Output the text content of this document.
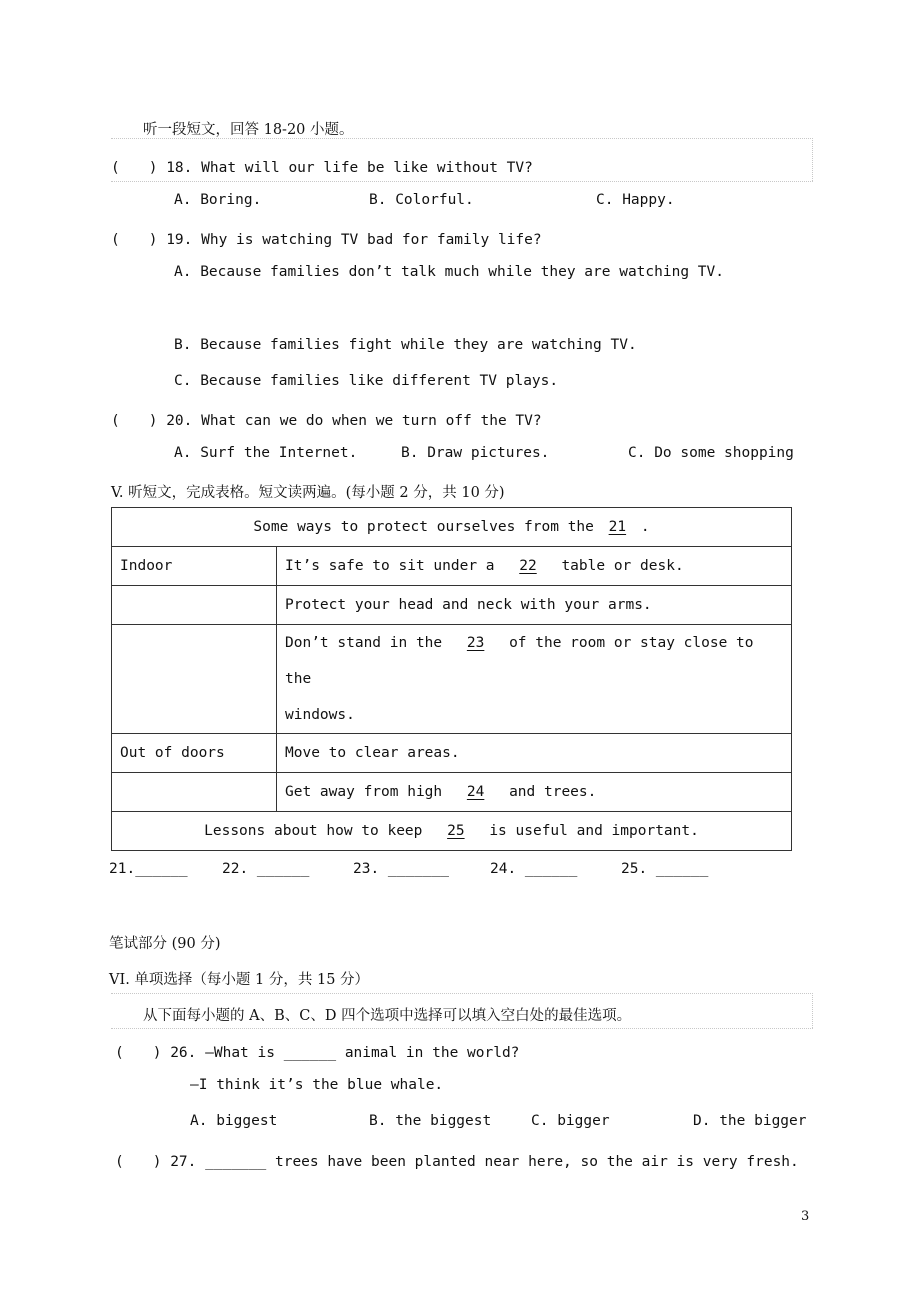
听一段短文，回答 18-20 小题。
(　　) 18. What will our life be like without TV?
A. Boring.	B. Colorful.	C. Happy.
(　　) 19. Why is watching TV bad for family life?
A. Because families don’t talk much while they are watching TV.
B. Because families fight while they are watching TV.
C. Because families like different TV plays.
(　　) 20. What can we do when we turn off the TV?
A. Surf the Internet.	B. Draw pictures.	C. Do some shopping
V. 听短文，完成表格。短文读两遍。(每小题 2 分，共 10 分)
Some ways to protect ourselves from the 21 .	
Indoor	It’s safe to sit under a 22 table or desk.
	Protect your head and neck with your arms.
	Don’t stand in the 23 of the room or stay close to the
windows.
Out of doors	Move to clear areas.
	Get away from high 24 and trees.
Lessons about how to keep 25 is useful and important.	
21.______ 22. ______	23. _______	24. ______	25. ______
笔试部分 (90 分)
VI. 单项选择（每小题 1 分，共 15 分）
从下面每小题的 A、B、C、D 四个选项中选择可以填入空白处的最佳选项。
(　　) 26. —What is ______ animal in the world?
—I think it’s the blue whale.
A. biggest	B. the biggest	C. bigger	D. the bigger
(　　) 27. _______ trees have been planted near here, so the air is very fresh.
3
